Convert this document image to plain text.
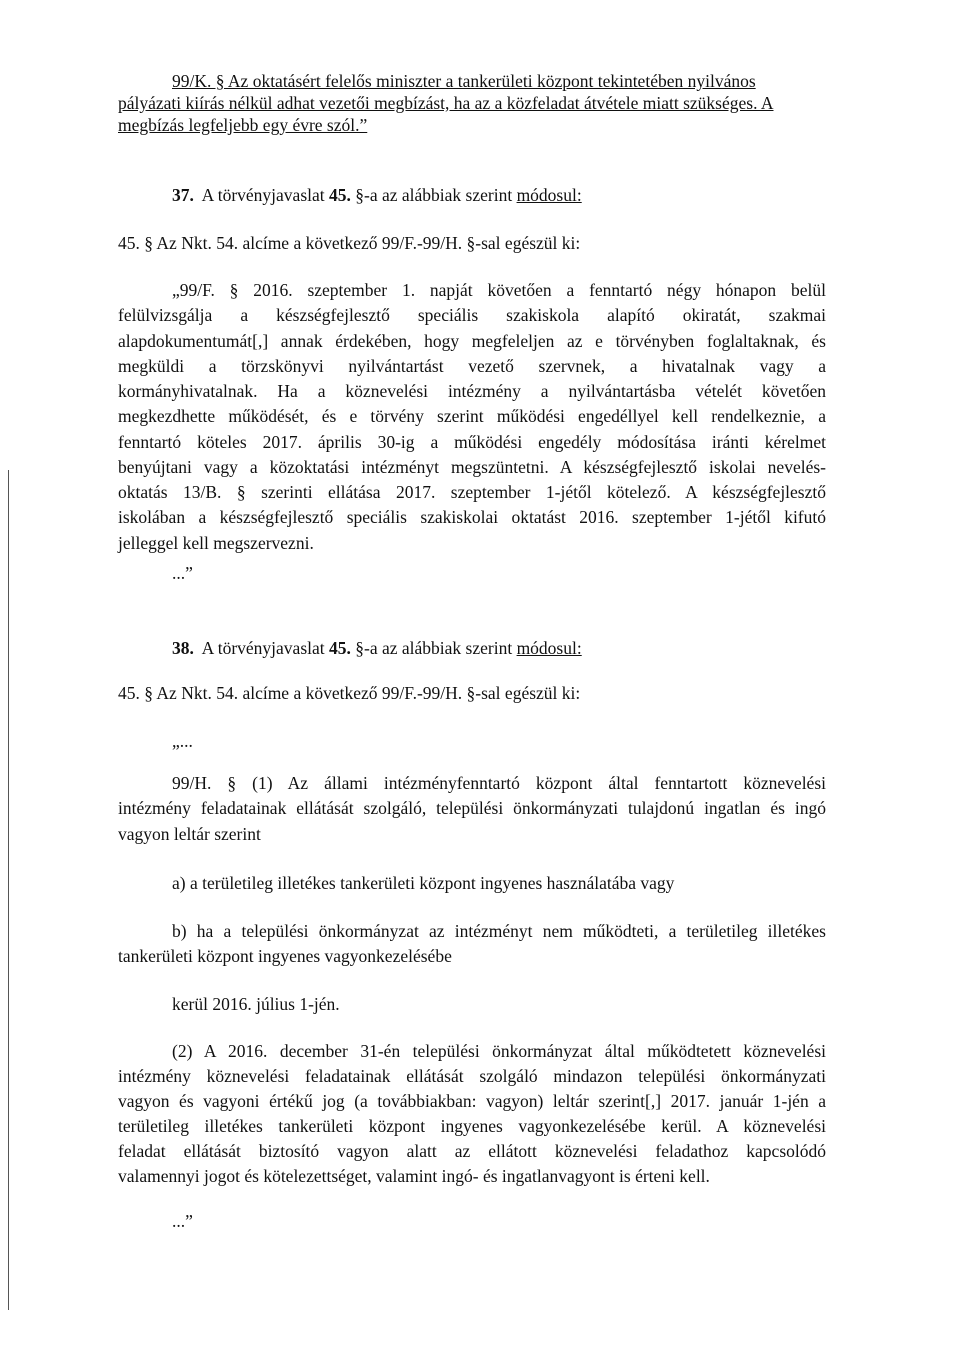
99/K. § Az oktatásért felelős miniszter a tankerületi központ tekintetében nyilvános
pályázati kiírás nélkül adhat vezetői megbízást, ha az a közfeladat átvétele miatt szükséges. A
megbízás legfeljebb egy évre szól.”
37. A törvényjavaslat 45. §-a az alábbiak szerint módosul:
45. § Az Nkt. 54. alcíme a következő 99/F.-99/H. §-sal egészül ki:
„99/F. § 2016. szeptember 1. napját követően a fenntartó négy hónapon belül
felülvizsgálja a készségfejlesztő speciális szakiskola alapító okiratát, szakmai
alapdokumentumát[,] annak érdekében, hogy megfeleljen az e törvényben foglaltaknak, és
megküldi a törzskönyvi nyilvántartást vezető szervnek, a hivatalnak vagy a
kormányhivatalnak. Ha a köznevelési intézmény a nyilvántartásba vételét követően
megkezdhette működését, és e törvény szerint működési engedéllyel kell rendelkeznie, a
fenntartó köteles 2017. április 30-ig a működési engedély módosítása iránti kérelmet
benyújtani vagy a közoktatási intézményt megszüntetni. A készségfejlesztő iskolai nevelés-
oktatás 13/B. § szerinti ellátása 2017. szeptember 1-jétől kötelező. A készségfejlesztő
iskolában a készségfejlesztő speciális szakiskolai oktatást 2016. szeptember 1-jétől kifutó
jelleggel kell megszervezni.
...”
38. A törvényjavaslat 45. §-a az alábbiak szerint módosul:
45. § Az Nkt. 54. alcíme a következő 99/F.-99/H. §-sal egészül ki:
„...
99/H. § (1) Az állami intézményfenntartó központ által fenntartott köznevelési
intézmény feladatainak ellátását szolgáló, települési önkormányzati tulajdonú ingatlan és ingó
vagyon leltár szerint
a) a területileg illetékes tankerületi központ ingyenes használatába vagy
b) ha a települési önkormányzat az intézményt nem működteti, a területileg illetékes
tankerületi központ ingyenes vagyonkezelésébe
kerül 2016. július 1-jén.
(2) A 2016. december 31-én települési önkormányzat által működtetett köznevelési
intézmény köznevelési feladatainak ellátását szolgáló mindazon települési önkormányzati
vagyon és vagyoni értékű jog (a továbbiakban: vagyon) leltár szerint[,] 2017. január 1-jén a
területileg illetékes tankerületi központ ingyenes vagyonkezelésébe kerül. A köznevelési
feladat ellátását biztosító vagyon alatt az ellátott köznevelési feladathoz kapcsolódó
valamennyi jogot és kötelezettséget, valamint ingó- és ingatlanvagyont is érteni kell.
...”
